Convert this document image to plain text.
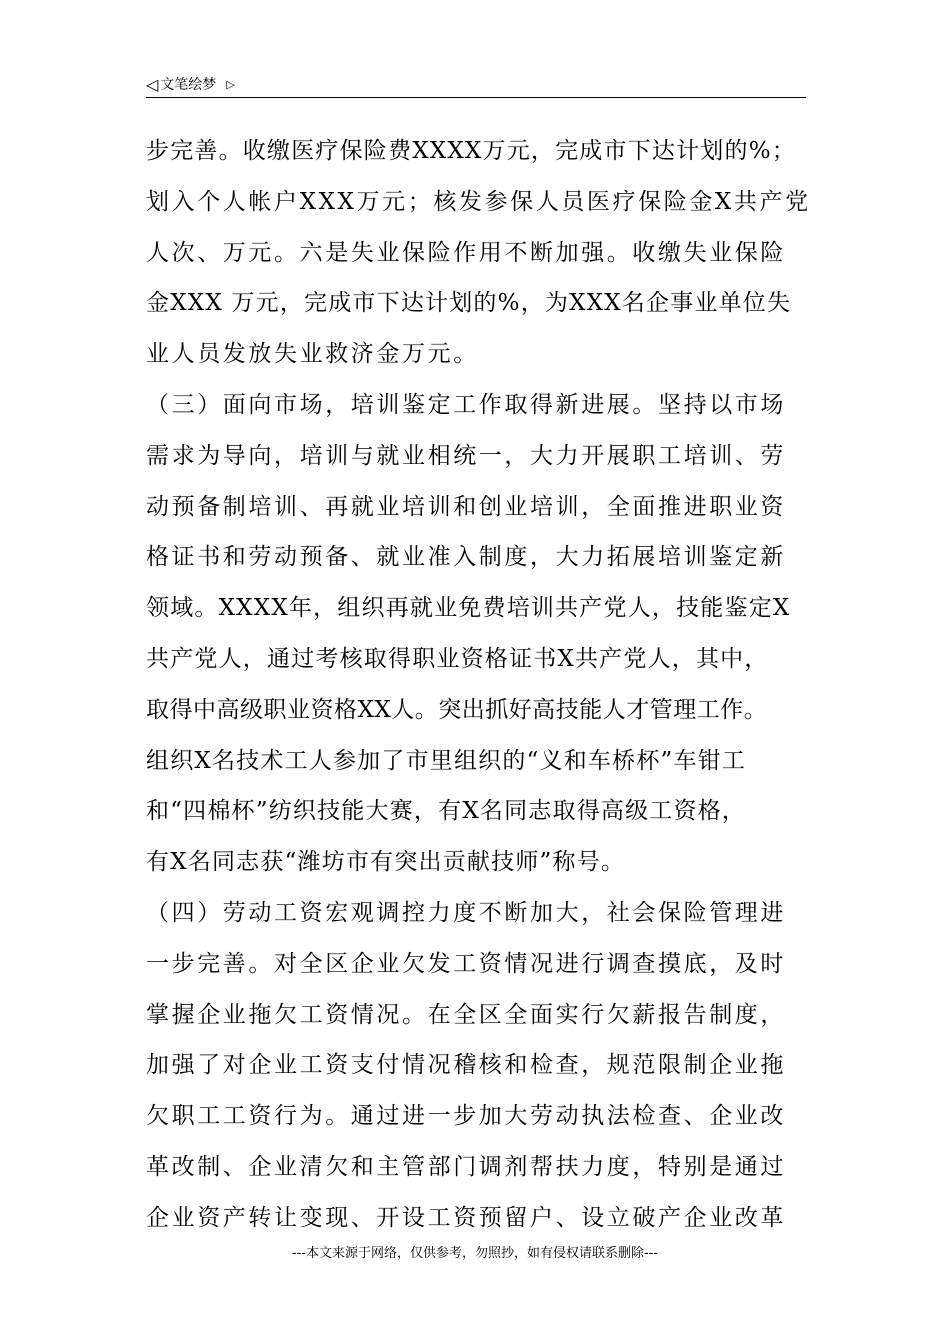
◁ 文笔绘梦 ▷
步完善。收缴医疗保险费XXXX万元，完成市下达计划的%；
划入个人帐户XXX万元；核发参保人员医疗保险金X共产党
人次、万元。六是失业保险作用不断加强。收缴失业保险
金XXX 万元，完成市下达计划的%，为XXX名企事业单位失
业人员发放失业救济金万元。
（三）面向市场，培训鉴定工作取得新进展。坚持以市场
需求为导向，培训与就业相统一，大力开展职工培训、劳
动预备制培训、再就业培训和创业培训，全面推进职业资
格证书和劳动预备、就业准入制度，大力拓展培训鉴定新
领域。XXXX年，组织再就业免费培训共产党人，技能鉴定X
共产党人，通过考核取得职业资格证书X共产党人，其中，
取得中高级职业资格XX人。突出抓好高技能人才管理工作。
组织X名技术工人参加了市里组织的“义和车桥杯”车钳工
和“四棉杯”纺织技能大赛，有X名同志取得高级工资格，
有X名同志获“潍坊市有突出贡献技师”称号。
（四）劳动工资宏观调控力度不断加大，社会保险管理进
一步完善。对全区企业欠发工资情况进行调查摸底，及时
掌握企业拖欠工资情况。在全区全面实行欠薪报告制度，
加强了对企业工资支付情况稽核和检查，规范限制企业拖
欠职工工资行为。通过进一步加大劳动执法检查、企业改
革改制、企业清欠和主管部门调剂帮扶力度，特别是通过
企业资产转让变现、开设工资预留户、设立破产企业改革
---本文来源于网络，仅供参考，勿照抄，如有侵权请联系删除---
